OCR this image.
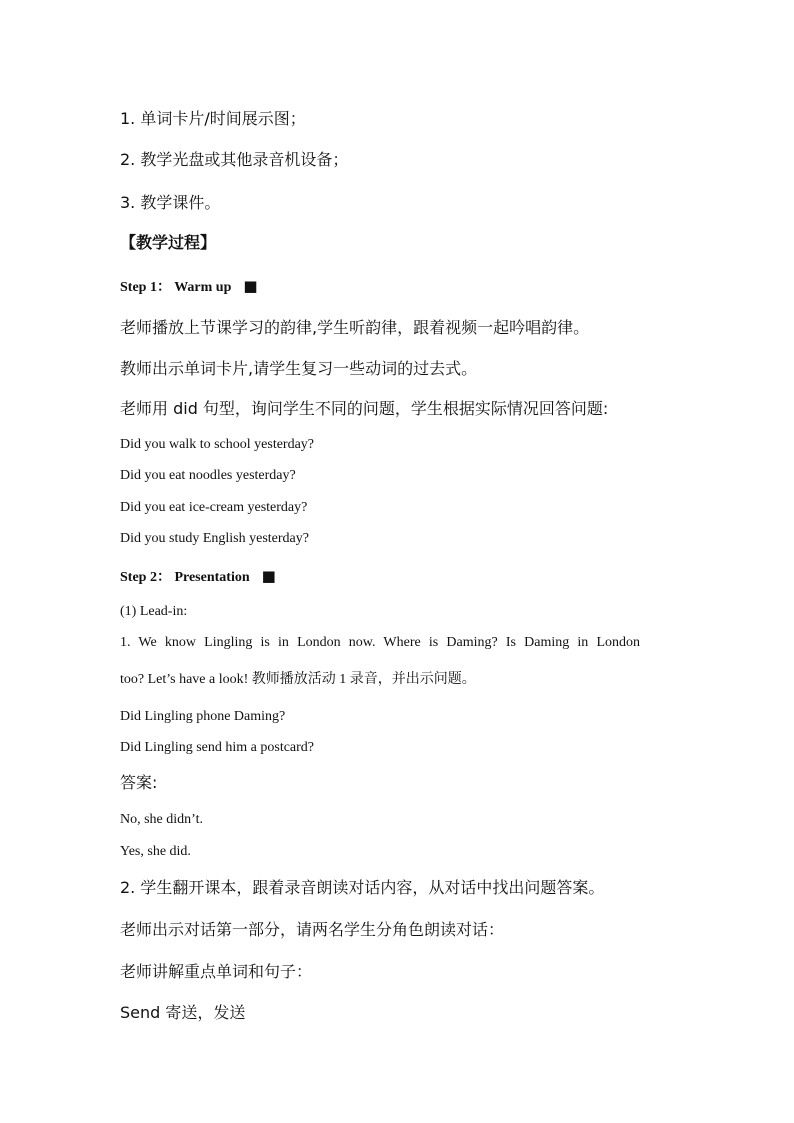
1. 单词卡片/时间展示图；
2. 教学光盘或其他录音机设备；
3. 教学课件。
【教学过程】
Step 1： Warm up ■
老师播放上节课学习的韵律,学生听韵律，跟着视频一起吟唱韵律。
教师出示单词卡片,请学生复习一些动词的过去式。
老师用 did 句型，询问学生不同的问题，学生根据实际情况回答问题:
Did you walk to school yesterday?
Did you eat noodles yesterday?
Did you eat ice-cream yesterday?
Did you study English yesterday?
Step 2： Presentation ■
(1) Lead-in:
1. We know Lingling is in London now. Where is Daming? Is Daming in London
too? Let’s have a look! 教师播放活动 1 录音，并出示问题。
Did Lingling phone Daming?
Did Lingling send him a postcard?
答案:
No, she didn’t.
Yes, she did.
2. 学生翻开课本，跟着录音朗读对话内容，从对话中找出问题答案。
老师出示对话第一部分，请两名学生分角色朗读对话：
老师讲解重点单词和句子：
Send 寄送，发送
